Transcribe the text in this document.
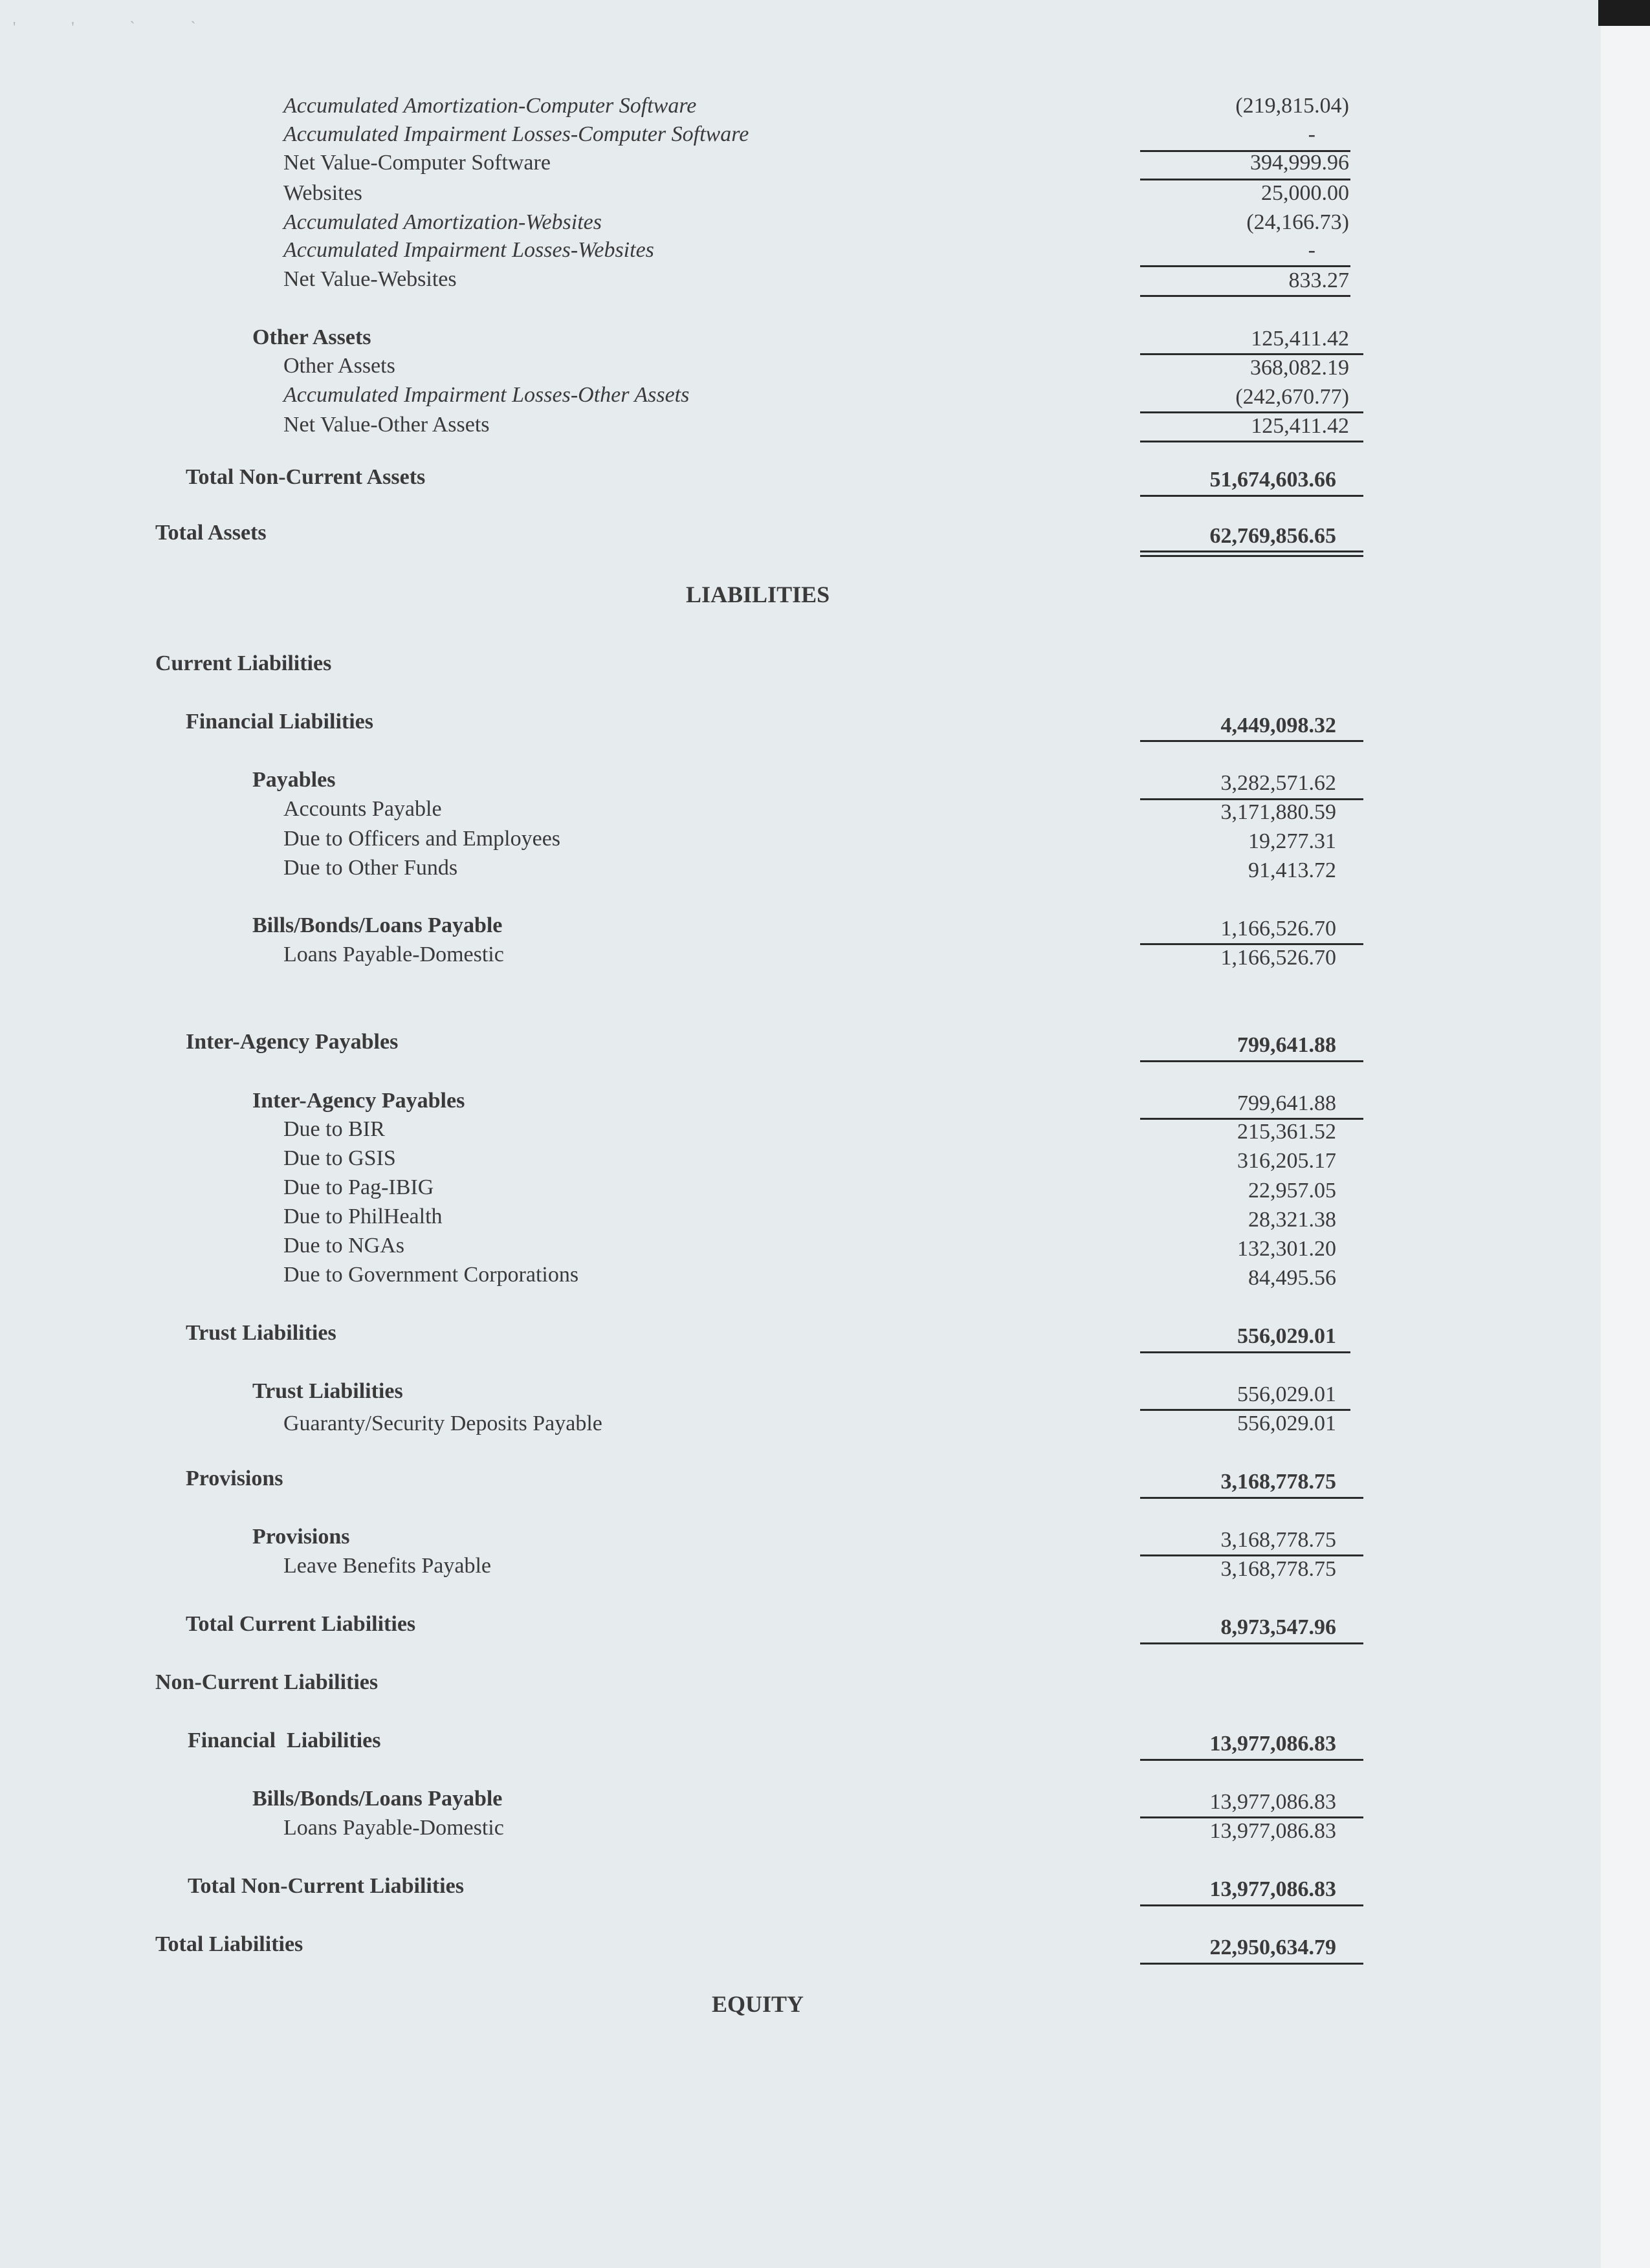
' ' ` `
Accumulated Amortization-Computer Software	(219,815.04)
Accumulated Impairment Losses-Computer Software	-
Net Value-Computer Software	394,999.96
Websites	25,000.00
Accumulated Amortization-Websites	(24,166.73)
Accumulated Impairment Losses-Websites	-
Net Value-Websites	833.27
Other Assets	125,411.42
Other Assets	368,082.19
Accumulated Impairment Losses-Other Assets	(242,670.77)
Net Value-Other Assets	125,411.42
Total Non-Current Assets	51,674,603.66
Total Assets	62,769,856.65
LIABILITIES
Current Liabilities
Financial Liabilities	4,449,098.32
Payables	3,282,571.62
Accounts Payable	3,171,880.59
Due to Officers and Employees	19,277.31
Due to Other Funds	91,413.72
Bills/Bonds/Loans Payable	1,166,526.70
Loans Payable-Domestic	1,166,526.70
Inter-Agency Payables	799,641.88
Inter-Agency Payables	799,641.88
Due to BIR	215,361.52
Due to GSIS	316,205.17
Due to Pag-IBIG	22,957.05
Due to PhilHealth	28,321.38
Due to NGAs	132,301.20
Due to Government Corporations	84,495.56
Trust Liabilities	556,029.01
Trust Liabilities	556,029.01
Guaranty/Security Deposits Payable	556,029.01
Provisions	3,168,778.75
Provisions	3,168,778.75
Leave Benefits Payable	3,168,778.75
Total Current Liabilities	8,973,547.96
Non-Current Liabilities
Financial  Liabilities	13,977,086.83
Bills/Bonds/Loans Payable	13,977,086.83
Loans Payable-Domestic	13,977,086.83
Total Non-Current Liabilities	13,977,086.83
Total Liabilities	22,950,634.79
EQUITY
